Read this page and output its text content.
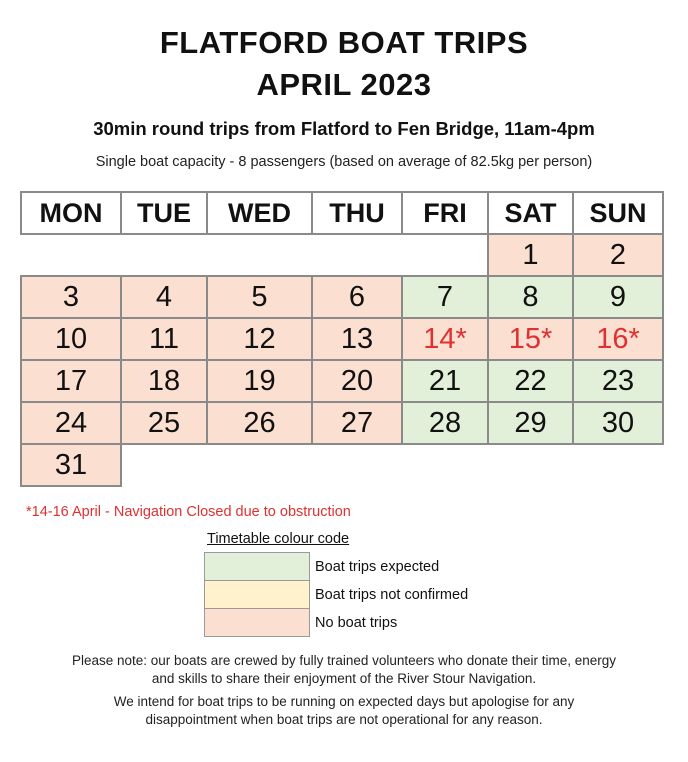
FLATFORD BOAT TRIPS
APRIL 2023
30min round trips from Flatford to Fen Bridge, 11am-4pm
Single boat capacity - 8 passengers (based on average of 82.5kg per person)
MON	TUE	WED	THU	FRI	SAT	SUN
					1	2
3	4	5	6	7	8	9
10	11	12	13	14*	15*	16*
17	18	19	20	21	22	23
24	25	26	27	28	29	30
31						
*14-16 April - Navigation Closed due to obstruction
Timetable colour code
	Boat trips expected
	Boat trips not confirmed
	No boat trips
Please note: our boats are crewed by fully trained volunteers who donate their time, energy
and skills to share their enjoyment of the River Stour Navigation.
We intend for boat trips to be running on expected days but apologise for any
disappointment when boat trips are not operational for any reason.
